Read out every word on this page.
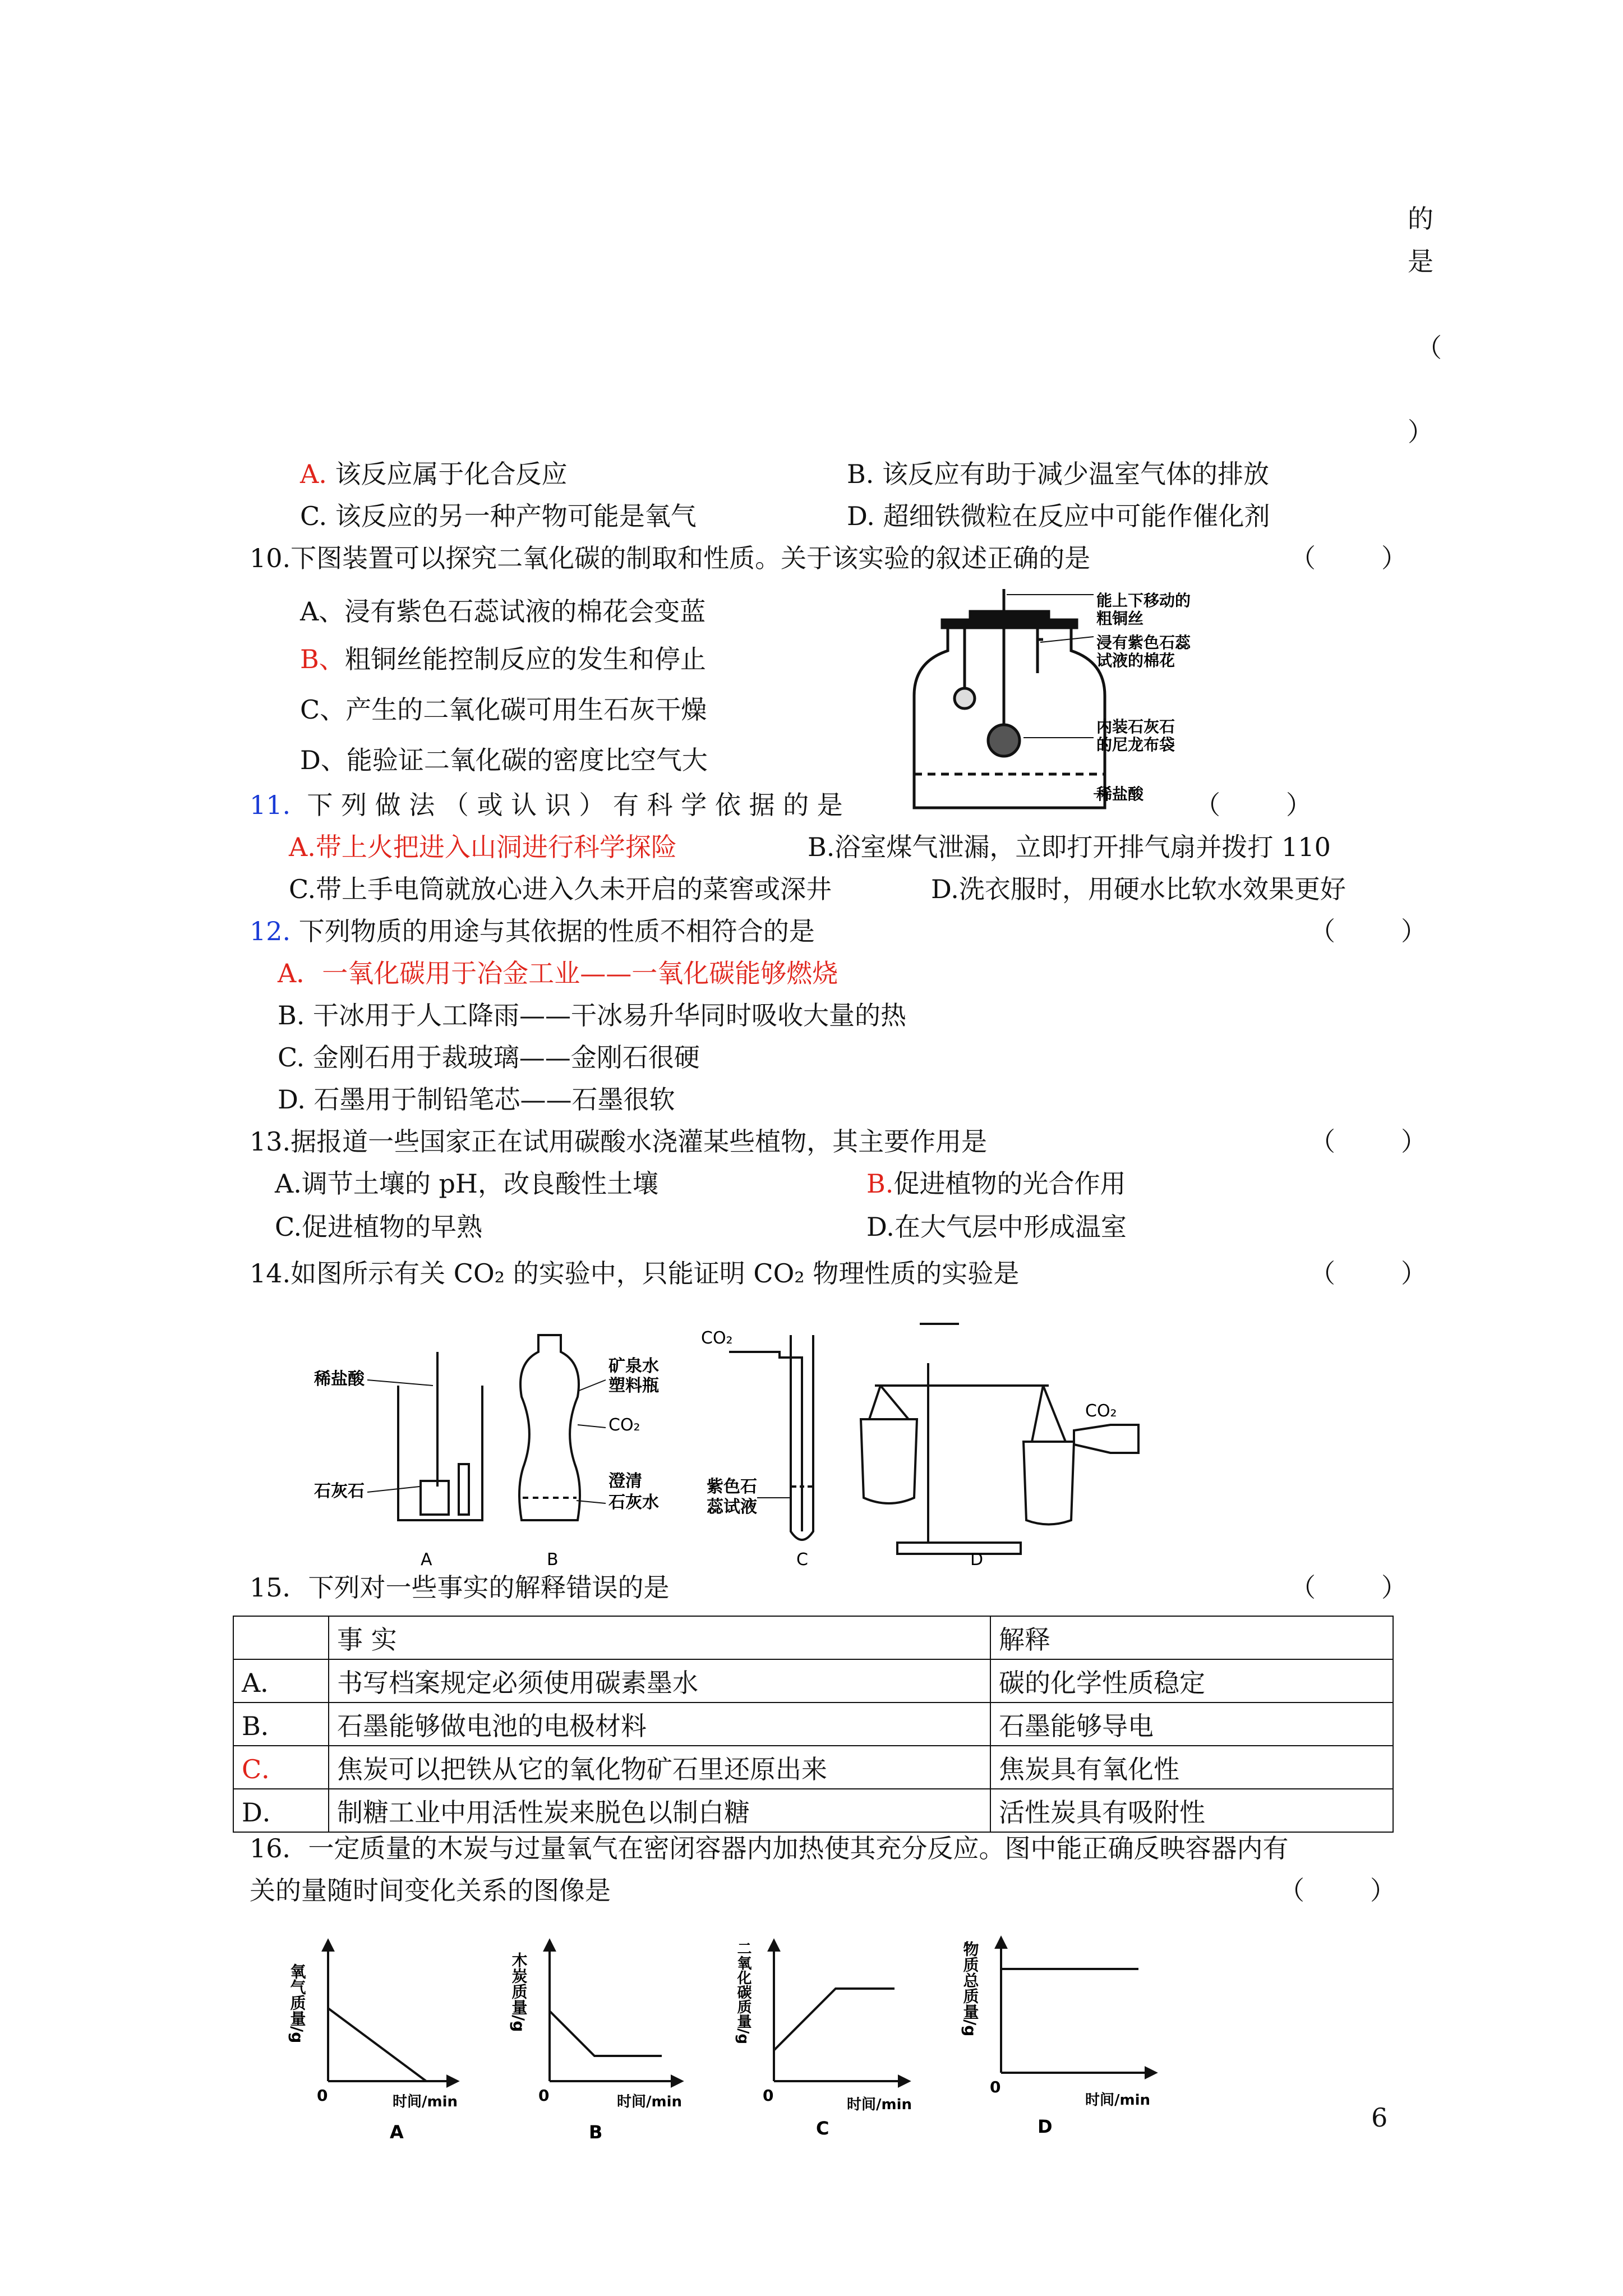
的
是
（
）
A. 该反应属于化合反应	B. 该反应有助于减少温室气体的排放
C. 该反应的另一种产物可能是氧气	D. 超细铁微粒在反应中可能作催化剂
10.下图装置可以探究二氧化碳的制取和性质。关于该实验的叙述正确的是	（        ）
A、浸有紫色石蕊试液的棉花会变蓝
B、粗铜丝能控制反应的发生和停止
C、产生的二氧化碳可用生石灰干燥
D、能验证二氧化碳的密度比空气大
能上下移动的
粗铜丝
浸有紫色石蕊
试液的棉花
内装石灰石
的尼龙布袋
稀盐酸
11. 下 列 做 法 （ 或 认 识 ） 有 科 学 依 据 的 是	（        ）
A.带上火把进入山洞进行科学探险	B.浴室煤气泄漏，立即打开排气扇并拨打 110
C.带上手电筒就放心进入久未开启的菜窖或深井	D.洗衣服时，用硬水比软水效果更好
12. 下列物质的用途与其依据的性质不相符合的是	（        ）
A．一氧化碳用于冶金工业——一氧化碳能够燃烧
B. 干冰用于人工降雨——干冰易升华同时吸收大量的热
C. 金刚石用于裁玻璃——金刚石很硬
D. 石墨用于制铅笔芯——石墨很软
13.据报道一些国家正在试用碳酸水浇灌某些植物，其主要作用是	（        ）
A.调节土壤的 pH，改良酸性土壤	B.促进植物的光合作用
C.促进植物的早熟	D.在大气层中形成温室
14.如图所示有关 CO₂ 的实验中，只能证明 CO₂ 物理性质的实验是	（        ）
稀盐酸
石灰石
矿泉水
塑料瓶
CO₂
澄清
石灰水
CO₂
紫色石
蕊试液
CO₂
A	B	C	D
15．下列对一些事实的解释错误的是	（        ）
	事 实	解释
A．	书写档案规定必须使用碳素墨水	碳的化学性质稳定
B．	石墨能够做电池的电极材料	石墨能够导电
C．	焦炭可以把铁从它的氧化物矿石里还原出来	焦炭具有氧化性
D．	制糖工业中用活性炭来脱色以制白糖	活性炭具有吸附性
16．一定质量的木炭与过量氧气在密闭容器内加热使其充分反应。图中能正确反映容器内有
关的量随时间变化关系的图像是	（        ）
氧气质量/g
0	时间/min
A
木炭质量/g
0	时间/min
B
二氧化碳质量/g
0	时间/min
C
物质总质量/g
0
时间/min
D	6
